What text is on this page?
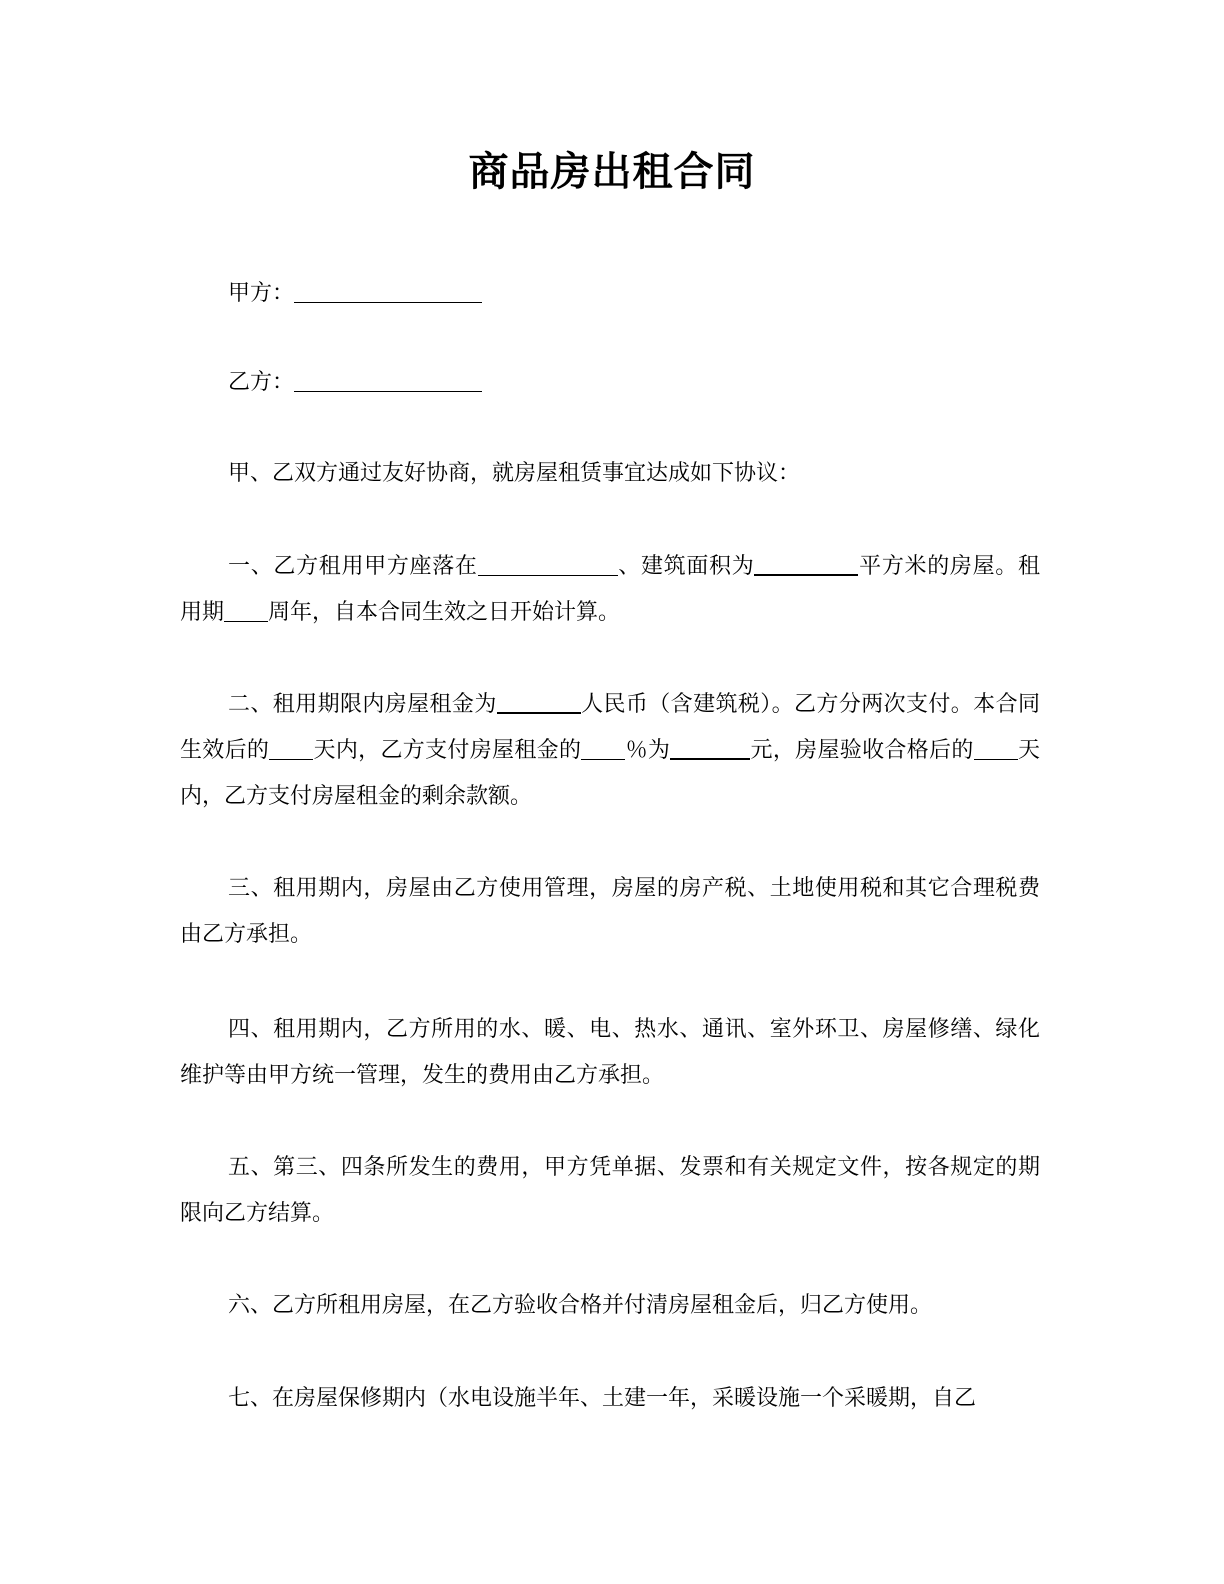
商品房出租合同
甲方：
乙方：

甲、乙双方通过友好协商，就房屋租赁事宜达成如下协议：

一、乙方租用甲方座落在	、建筑面积为	平方米的房屋。租用期 周年，自本合同生效之日开始计算。

二、租用期限内房屋租金为	人民币（含建筑税）。乙方分两次支付。本合同生效后的 天内，乙方支付房屋租金的 ％为	元，房屋验收合格后的 天内，乙方支付房屋租金的剩余款额。

三、租用期内，房屋由乙方使用管理，房屋的房产税、土地使用税和其它合理税费由乙方承担。

四、租用期内，乙方所用的水、暖、电、热水、通讯、室外环卫、房屋修缮、绿化维护等由甲方统一管理，发生的费用由乙方承担。

五、第三、四条所发生的费用，甲方凭单据、发票和有关规定文件，按各规定的期限向乙方结算。

六、乙方所租用房屋，在乙方验收合格并付清房屋租金后，归乙方使用。

七、在房屋保修期内（水电设施半年、土建一年，采暖设施一个采暖期，自乙
